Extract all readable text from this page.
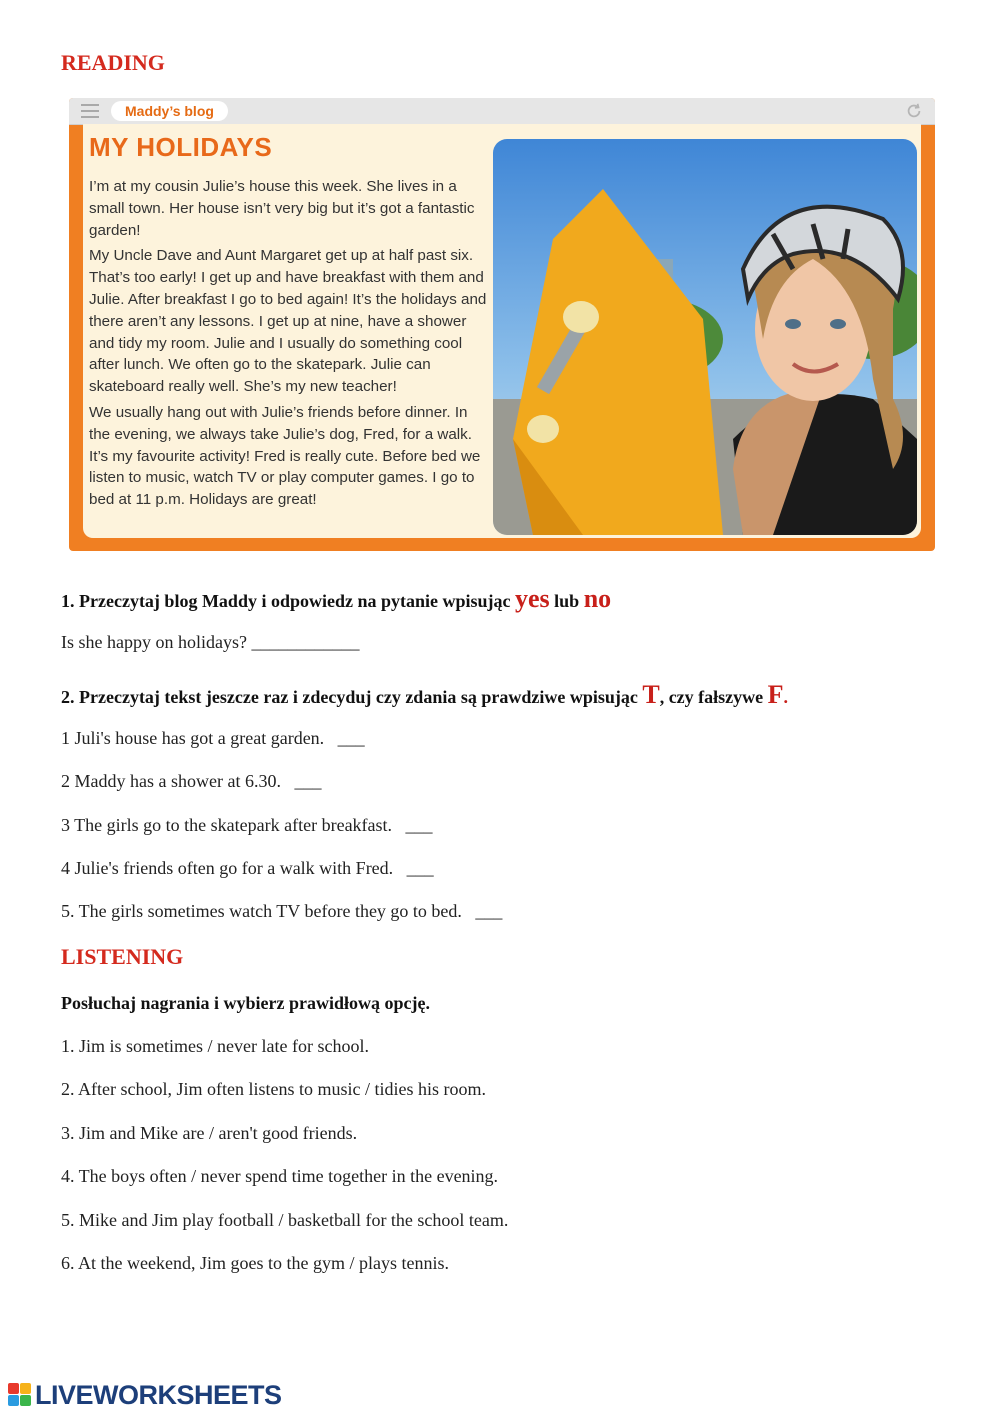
READING
Maddy’s blog
MY HOLIDAYS

I’m at my cousin Julie’s house this week. She lives in a small town. Her house isn’t very big but it’s got a fantastic garden!

My Uncle Dave and Aunt Margaret get up at half past six. That’s too early! I get up and have breakfast with them and Julie. After breakfast I go to bed again! It’s the holidays and there aren’t any lessons. I get up at nine, have a shower and tidy my room. Julie and I usually do something cool after lunch. We often go to the skatepark. Julie can skateboard really well. She’s my new teacher!

We usually hang out with Julie’s friends before dinner. In the evening, we always take Julie’s dog, Fred, for a walk. It’s my favourite activity! Fred is really cute. Before bed we listen to music, watch TV or play computer games. I go to bed at 11 p.m. Holidays are great!

1. Przeczytaj blog Maddy i odpowiedz na pytanie wpisując yes lub no
Is she happy on holidays? ____________
2. Przeczytaj tekst jeszcze raz i zdecyduj czy zdania są prawdziwe wpisując T, czy fałszywe F.
1 Juli's house has got a great garden.   ___
2 Maddy has a shower at 6.30.   ___
3 The girls go to the skatepark after breakfast.   ___
4 Julie's friends often go for a walk with Fred.   ___
5. The girls sometimes watch TV before they go to bed.   ___
LISTENING
Posłuchaj nagrania i wybierz prawidłową opcję.
1. Jim is sometimes / never late for school.
2. After school, Jim often listens to music / tidies his room.
3. Jim and Mike are / aren't good friends.
4. The boys often / never spend time together in the evening.
5. Mike and Jim play football / basketball for the school team.
6. At the weekend, Jim goes to the gym / plays tennis.
LIVEWORKSHEETS
